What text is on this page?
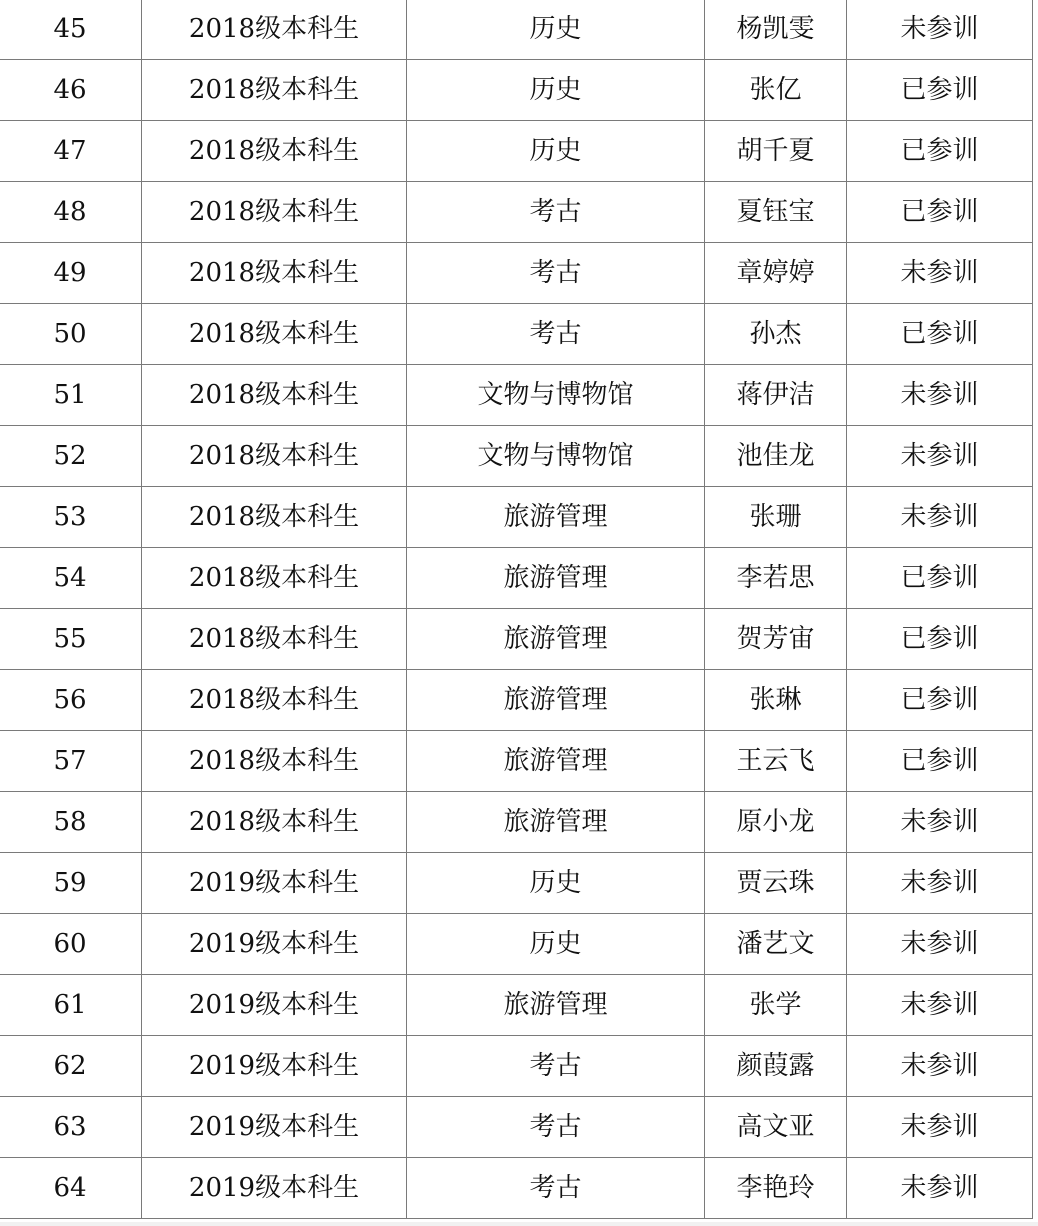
45	2018级本科生	历史	杨凯雯	未参训
46	2018级本科生	历史	张亿	已参训
47	2018级本科生	历史	胡千夏	已参训
48	2018级本科生	考古	夏钰宝	已参训
49	2018级本科生	考古	章婷婷	未参训
50	2018级本科生	考古	孙杰	已参训
51	2018级本科生	文物与博物馆	蒋伊洁	未参训
52	2018级本科生	文物与博物馆	池佳龙	未参训
53	2018级本科生	旅游管理	张珊	未参训
54	2018级本科生	旅游管理	李若思	已参训
55	2018级本科生	旅游管理	贺芳宙	已参训
56	2018级本科生	旅游管理	张琳	已参训
57	2018级本科生	旅游管理	王云飞	已参训
58	2018级本科生	旅游管理	原小龙	未参训
59	2019级本科生	历史	贾云珠	未参训
60	2019级本科生	历史	潘艺文	未参训
61	2019级本科生	旅游管理	张学	未参训
62	2019级本科生	考古	颜葭露	未参训
63	2019级本科生	考古	高文亚	未参训
64	2019级本科生	考古	李艳玲	未参训
